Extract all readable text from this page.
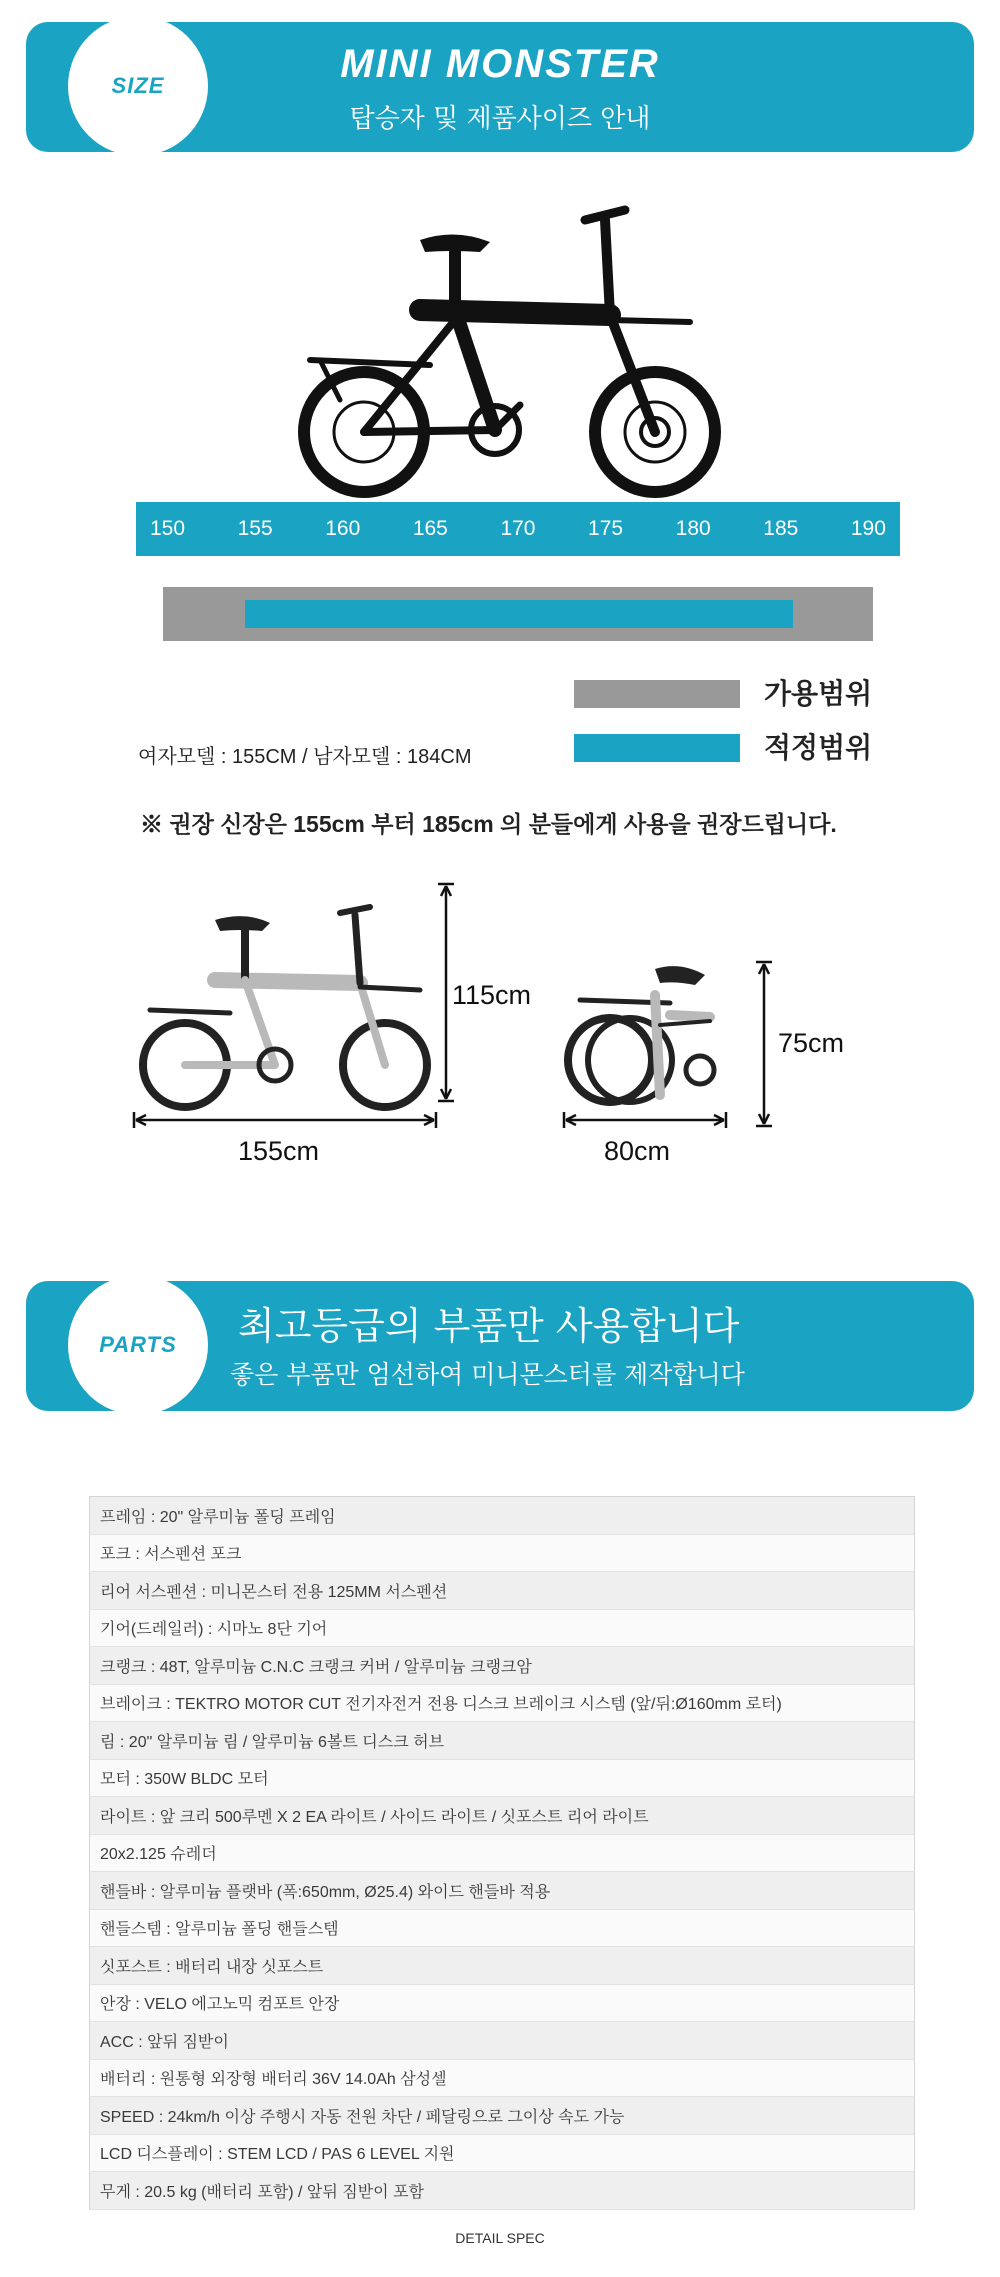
SIZE	MINI MONSTER
탑승자 및 제품사이즈 안내
150	155	160	165	170	175	180	185	190
가용범위
적정범위
여자모델 : 155CM / 남자모델 : 184CM
※ 권장 신장은 155cm 부터 185cm 의 분들에게 사용을 권장드립니다.
115cm
155cm
75cm
80cm
PARTS 최고등급의 부품만 사용합니다
좋은 부품만 엄선하여 미니몬스터를 제작합니다
프레임 : 20" 알루미늄 폴딩 프레임
포크 : 서스펜션 포크
리어 서스펜션 : 미니몬스터 전용 125MM 서스펜션
기어(드레일러) : 시마노 8단 기어
크랭크 : 48T, 알루미늄 C.N.C 크랭크 커버 / 알루미늄 크랭크암
브레이크 : TEKTRO MOTOR CUT 전기자전거 전용 디스크 브레이크 시스템 (앞/뒤:Ø160mm 로터)
림 : 20" 알루미늄 림 / 알루미늄 6볼트 디스크 허브
모터 : 350W BLDC 모터
라이트 : 앞 크리 500루멘 X 2 EA 라이트 / 사이드 라이트 / 싯포스트 리어 라이트
20x2.125 슈레더
핸들바 : 알루미늄 플랫바 (폭:650mm, Ø25.4) 와이드 핸들바 적용
핸들스템 : 알루미늄 폴딩 핸들스템
싯포스트 : 배터리 내장 싯포스트
안장 : VELO 에고노믹 컴포트 안장
ACC : 앞뒤 짐받이
배터리 : 원통형 외장형 배터리 36V 14.0Ah 삼성셀
SPEED : 24km/h 이상 주행시 자동 전원 차단 / 페달링으로 그이상 속도 가능
LCD 디스플레이 : STEM LCD / PAS 6 LEVEL 지원
무게 : 20.5 kg (배터리 포함) / 앞뒤 짐받이 포함
DETAIL SPEC
